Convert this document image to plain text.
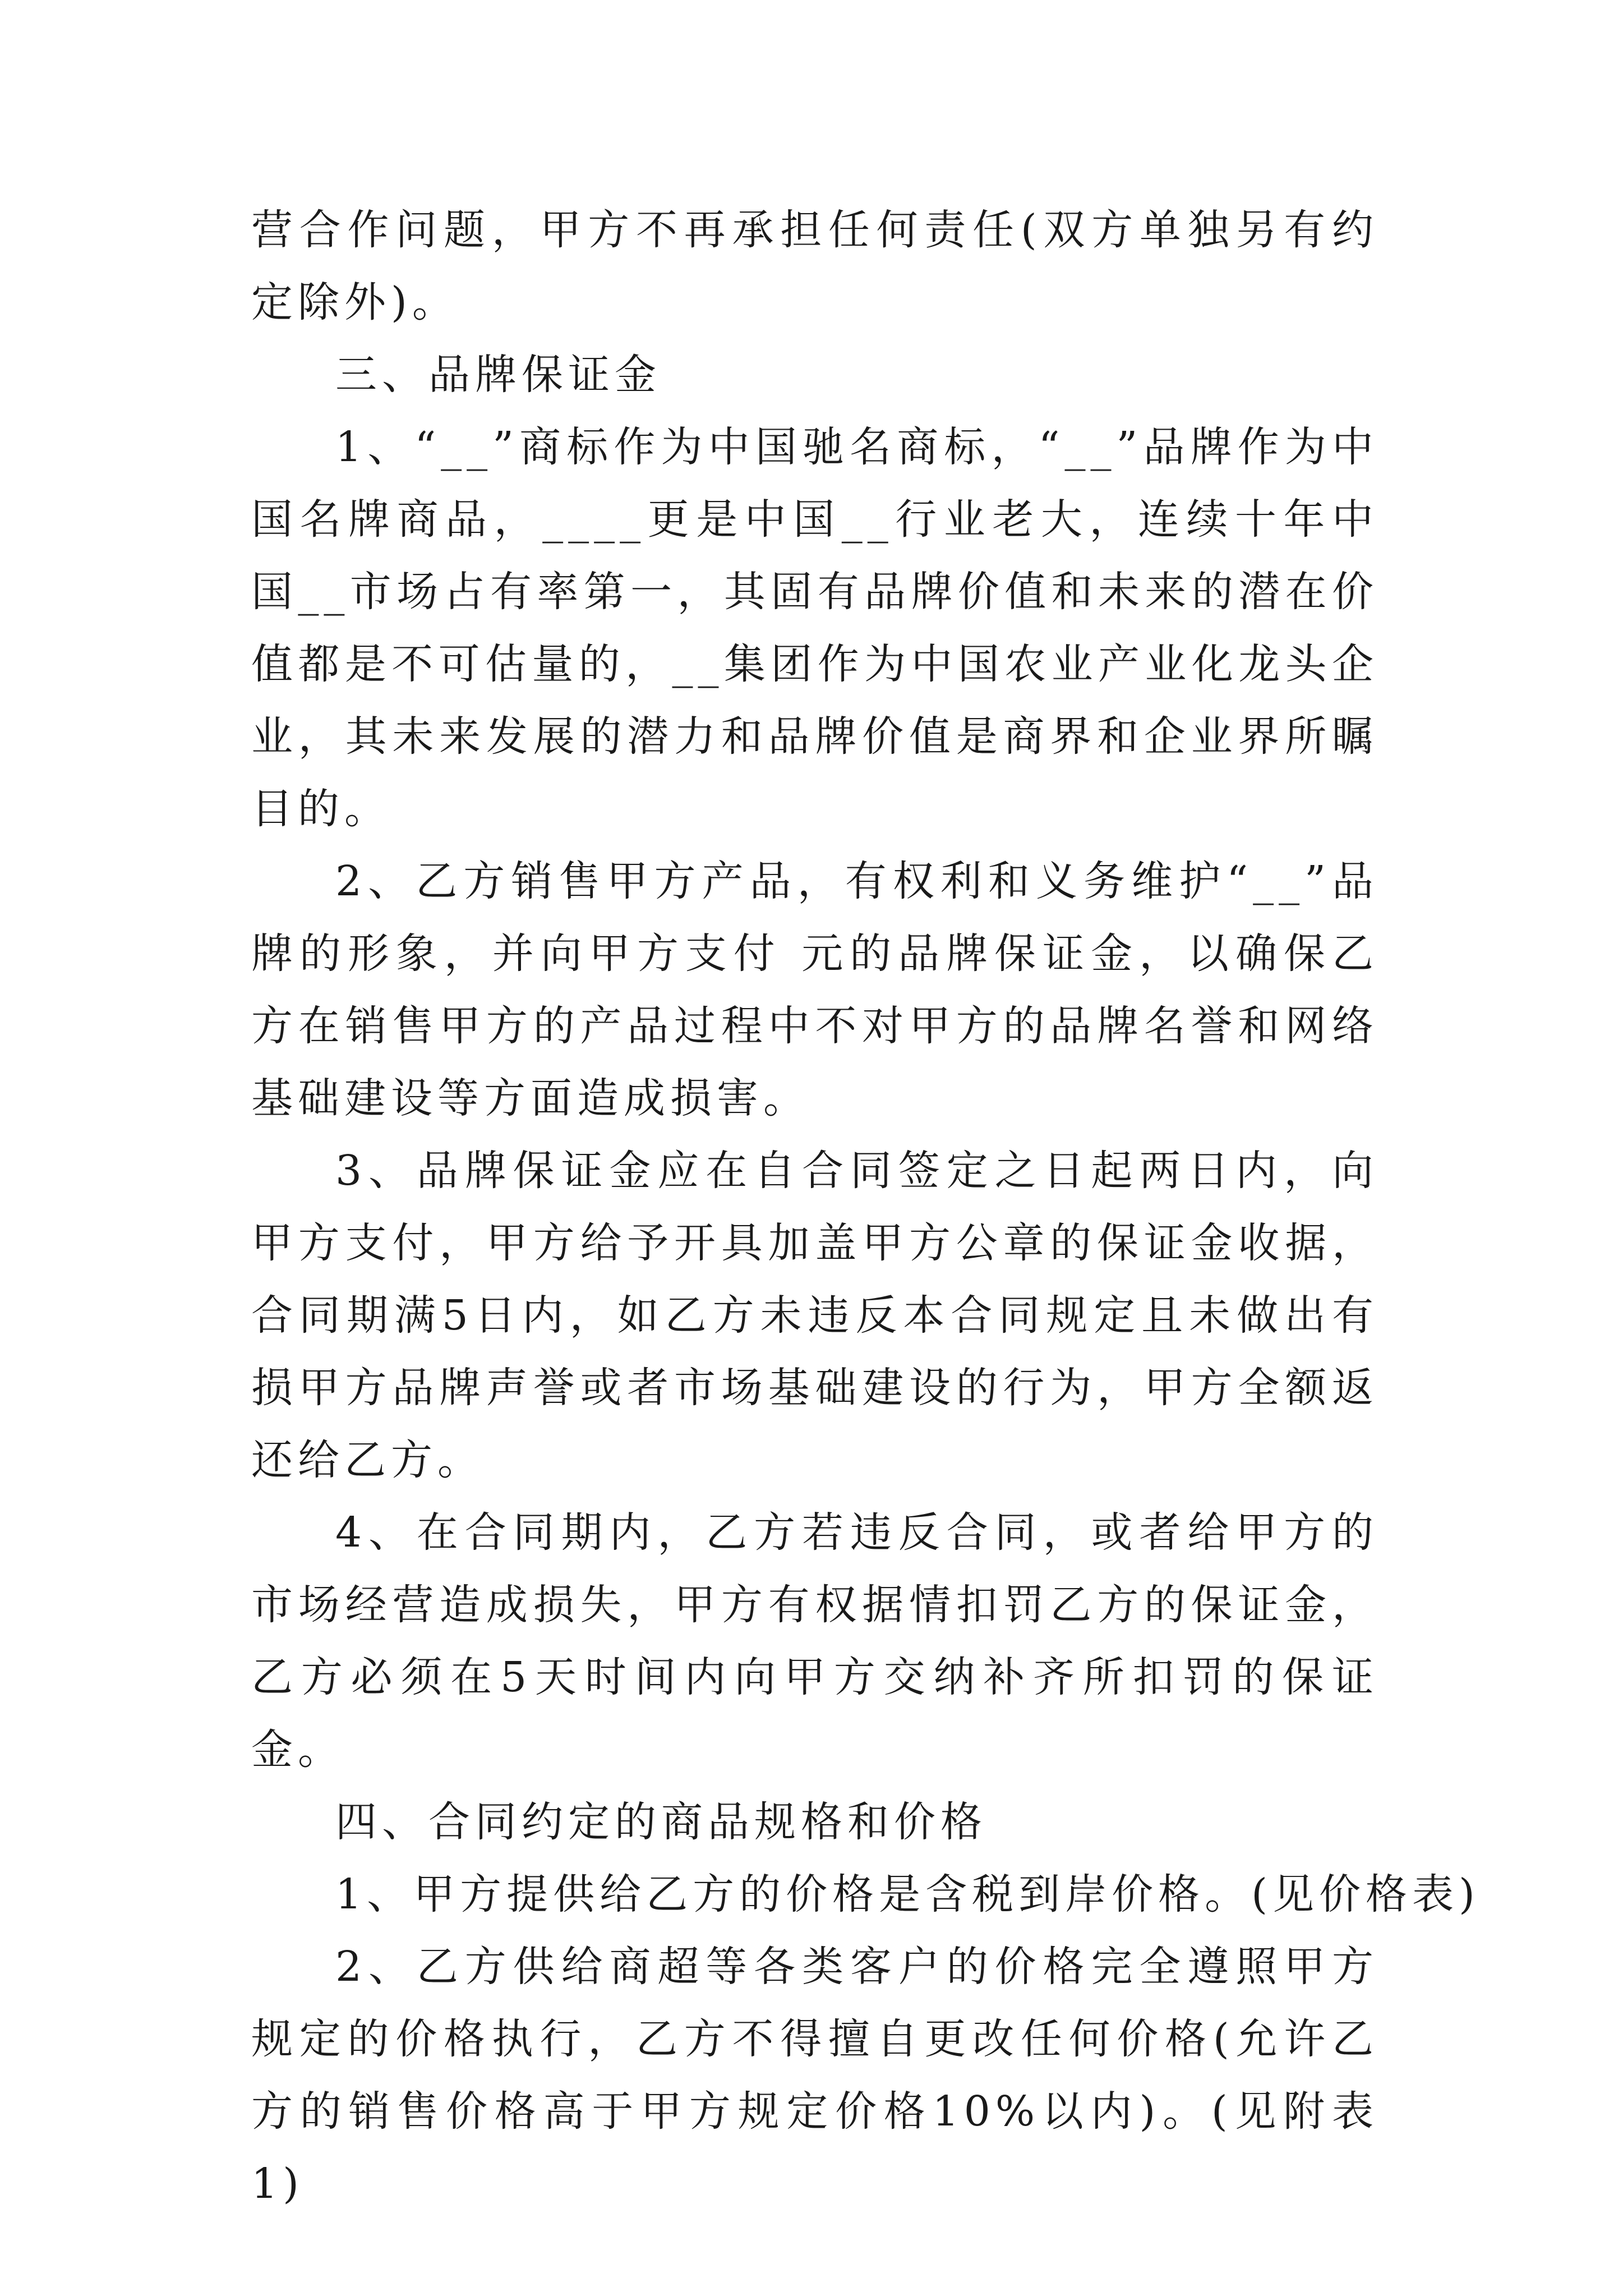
营合作问题，甲方不再承担任何责任(双方单独另有约定除外)。

三、品牌保证金

1、“__”商标作为中国驰名商标，“__”品牌作为中国名牌商品，____更是中国__行业老大，连续十年中国__市场占有率第一，其固有品牌价值和未来的潜在价值都是不可估量的，__集团作为中国农业产业化龙头企业，其未来发展的潜力和品牌价值是商界和企业界所瞩目的。

2、乙方销售甲方产品，有权利和义务维护“__”品牌的形象，并向甲方支付 元的品牌保证金，以确保乙方在销售甲方的产品过程中不对甲方的品牌名誉和网络基础建设等方面造成损害。

3、品牌保证金应在自合同签定之日起两日内，向甲方支付，甲方给予开具加盖甲方公章的保证金收据，合同期满5日内，如乙方未违反本合同规定且未做出有损甲方品牌声誉或者市场基础建设的行为，甲方全额返还给乙方。

4、在合同期内，乙方若违反合同，或者给甲方的市场经营造成损失，甲方有权据情扣罚乙方的保证金，乙方必须在5天时间内向甲方交纳补齐所扣罚的保证金。

四、合同约定的商品规格和价格

1、甲方提供给乙方的价格是含税到岸价格。(见价格表)

2、乙方供给商超等各类客户的价格完全遵照甲方规定的价格执行，乙方不得擅自更改任何价格(允许乙方的销售价格高于甲方规定价格10%以内)。(见附表1)
